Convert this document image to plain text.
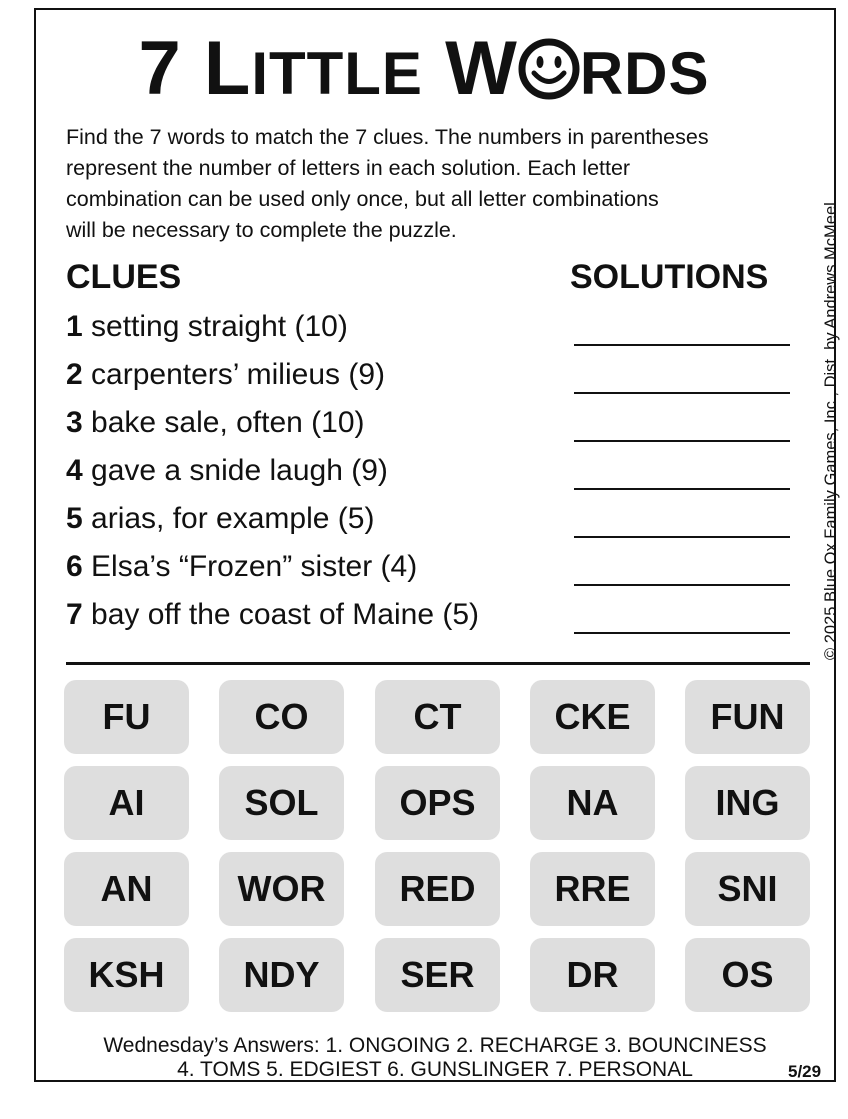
7 LITTLE W RDS
Find the 7 words to match the 7 clues. The numbers in parentheses
represent the number of letters in each solution. Each letter
combination can be used only once, but all letter combinations
will be necessary to complete the puzzle.	© 2025 Blue Ox Family Games, Inc., Dist. by Andrews McMeel
CLUES	SOLUTIONS
1 setting straight (10)
2 carpenters’ milieus (9)
3 bake sale, often (10)
4 gave a snide laugh (9)
5 arias, for example (5)
6 Elsa’s “Frozen” sister (4)
7 bay off the coast of Maine (5)
FU	CO	CT	CKE	FUN
AI	SOL	OPS	NA	ING
AN	WOR	RED	RRE	SNI
KSH	NDY	SER	DR	OS
Wednesday’s Answers: 1. ONGOING 2. RECHARGE 3. BOUNCINESS
4. TOMS 5. EDGIEST 6. GUNSLINGER 7. PERSONAL	5/29
